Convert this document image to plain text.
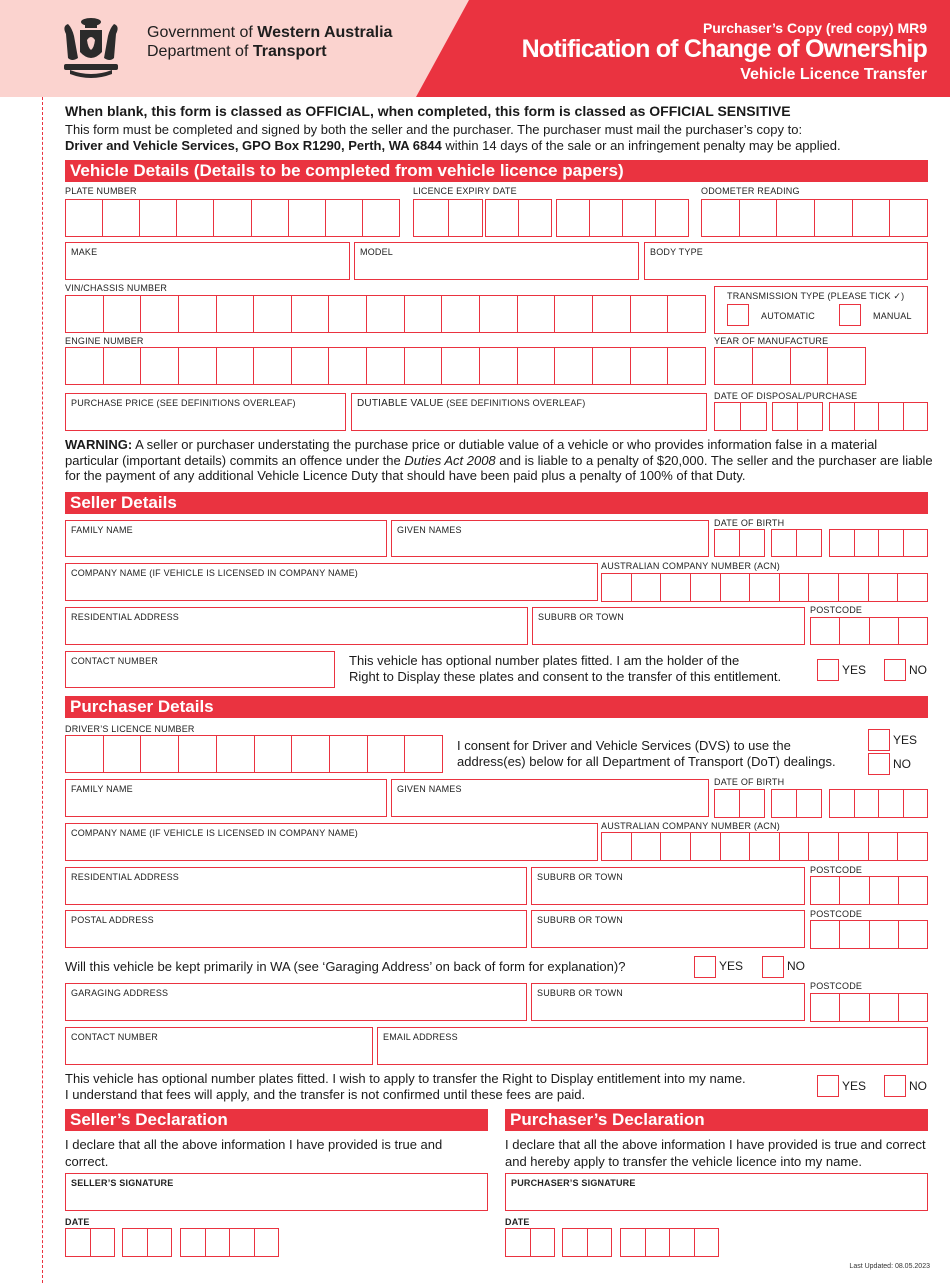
Government of Western Australia
Department of Transport
Purchaser’s Copy (red copy) MR9
Notification of Change of Ownership
Vehicle Licence Transfer
When blank, this form is classed as OFFICIAL, when completed, this form is classed as OFFICIAL SENSITIVE
This form must be completed and signed by both the seller and the purchaser. The purchaser must mail the purchaser’s copy to:
Driver and Vehicle Services, GPO Box R1290, Perth, WA 6844 within 14 days of the sale or an infringement penalty may be applied.
Vehicle Details (Details to be completed from vehicle licence papers)
PLATE NUMBER	LICENCE EXPIRY DATE	ODOMETER READING
MAKE	MODEL	BODY TYPE
VIN/CHASSIS NUMBER
TRANSMISSION TYPE (PLEASE TICK ✓)
AUTOMATIC	MANUAL
ENGINE NUMBER	YEAR OF MANUFACTURE
PURCHASE PRICE (SEE DEFINITIONS OVERLEAF)	DUTIABLE VALUE (SEE DEFINITIONS OVERLEAF)
DATE OF DISPOSAL/PURCHASE
WARNING: A seller or purchaser understating the purchase price or dutiable value of a vehicle or who provides information false in a material particular (important details) commits an offence under the Duties Act 2008 and is liable to a penalty of $20,000. The seller and the purchaser are liable for the payment of any additional Vehicle Licence Duty that should have been paid plus a penalty of 100% of that Duty.
Seller Details
FAMILY NAME	GIVEN NAMES
DATE OF BIRTH
COMPANY NAME (IF VEHICLE IS LICENSED IN COMPANY NAME)
AUSTRALIAN COMPANY NUMBER (ACN)
RESIDENTIAL ADDRESS	SUBURB OR TOWN
POSTCODE
CONTACT NUMBER	This vehicle has optional number plates fitted. I am the holder of the
Right to Display these plates and consent to the transfer of this entitlement.	YES	NO
Purchaser Details
DRIVER’S LICENCE NUMBER
I consent for Driver and Vehicle Services (DVS) to use the
address(es) below for all Department of Transport (DoT) dealings.
YES
NO
FAMILY NAME	GIVEN NAMES
DATE OF BIRTH
COMPANY NAME (IF VEHICLE IS LICENSED IN COMPANY NAME)
AUSTRALIAN COMPANY NUMBER (ACN)
RESIDENTIAL ADDRESS	SUBURB OR TOWN
POSTCODE
POSTAL ADDRESS	SUBURB OR TOWN
POSTCODE
Will this vehicle be kept primarily in WA (see ‘Garaging Address’ on back of form for explanation)?	YES	NO
GARAGING ADDRESS	SUBURB OR TOWN
POSTCODE
CONTACT NUMBER	EMAIL ADDRESS
This vehicle has optional number plates fitted. I wish to apply to transfer the Right to Display entitlement into my name.
I understand that fees will apply, and the transfer is not confirmed until these fees are paid.
YES	NO
Seller’s Declaration	Purchaser’s Declaration
I declare that all the above information I have provided is true and correct.
I declare that all the above information I have provided is true and correct and hereby apply to transfer the vehicle licence into my name.
SELLER’S SIGNATURE	PURCHASER’S SIGNATURE
DATE	DATE
Last Updated: 08.05.2023
